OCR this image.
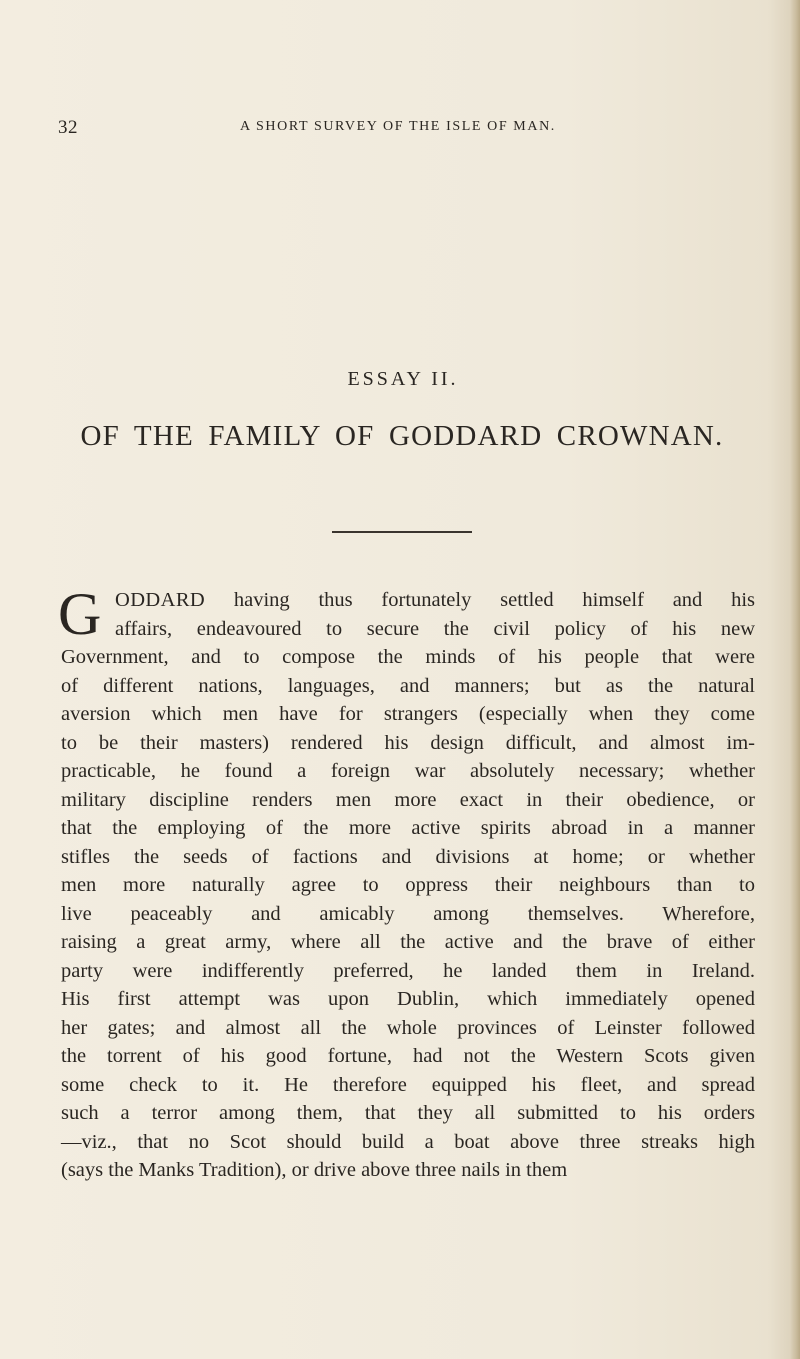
32	A SHORT SURVEY OF THE ISLE OF MAN.
ESSAY II.
OF THE FAMILY OF GODDARD CROWNAN.
G ODDARD having thus fortunately settled himself and his
affairs, endeavoured to secure the civil policy of his new
Government, and to compose the minds of his people that were
of different nations, languages, and manners; but as the natural
aversion which men have for strangers (especially when they come
to be their masters) rendered his design difficult, and almost im-
practicable, he found a foreign war absolutely necessary; whether
military discipline renders men more exact in their obedience, or
that the employing of the more active spirits abroad in a manner
stifles the seeds of factions and divisions at home; or whether
men more naturally agree to oppress their neighbours than to
live peaceably and amicably among themselves. Wherefore,
raising a great army, where all the active and the brave of either
party were indifferently preferred, he landed them in Ireland.
His first attempt was upon Dublin, which immediately opened
her gates; and almost all the whole provinces of Leinster followed
the torrent of his good fortune, had not the Western Scots given
some check to it. He therefore equipped his fleet, and spread
such a terror among them, that they all submitted to his orders
—viz., that no Scot should build a boat above three streaks high
(says the Manks Tradition), or drive above three nails in them
